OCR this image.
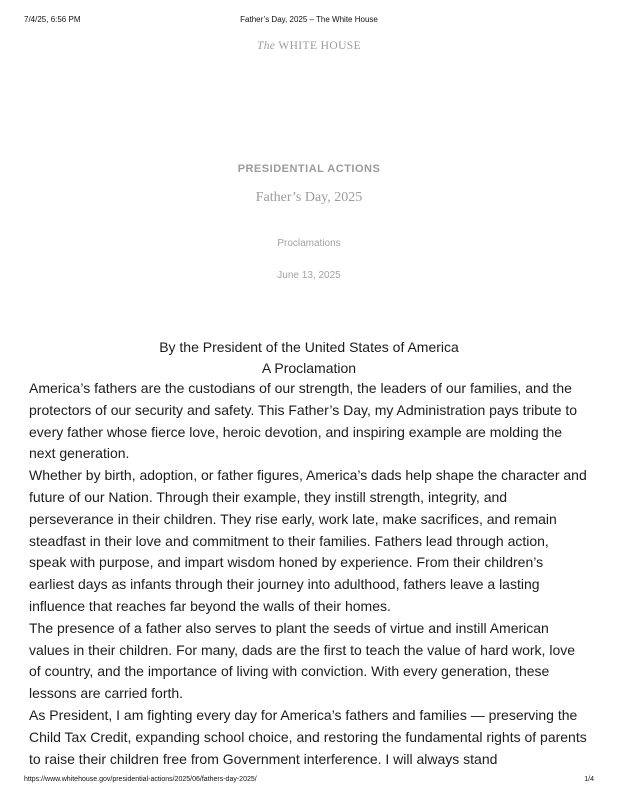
7/4/25, 6:56 PM	Father’s Day, 2025 – The White House
The WHITE HOUSE
PRESIDENTIAL ACTIONS
Father’s Day, 2025
Proclamations
June 13, 2025
By the President of the United States of America
A Proclamation

America’s fathers are the custodians of our strength, the leaders of our families, and the protectors of our security and safety. This Father’s Day, my Administration pays tribute to every father whose fierce love, heroic devotion, and inspiring example are molding the next generation.

Whether by birth, adoption, or father figures, America’s dads help shape the character and future of our Nation. Through their example, they instill strength, integrity, and perseverance in their children. They rise early, work late, make sacrifices, and remain steadfast in their love and commitment to their families. Fathers lead through action, speak with purpose, and impart wisdom honed by experience. From their children’s earliest days as infants through their journey into adulthood, fathers leave a lasting influence that reaches far beyond the walls of their homes.

The presence of a father also serves to plant the seeds of virtue and instill American values in their children. For many, dads are the first to teach the value of hard work, love of country, and the importance of living with conviction. With every generation, these lessons are carried forth.

As President, I am fighting every day for America’s fathers and families — preserving the Child Tax Credit, expanding school choice, and restoring the fundamental rights of parents to raise their children free from Government interference. I will always stand

https://www.whitehouse.gov/presidential-actions/2025/06/fathers-day-2025/	1/4
